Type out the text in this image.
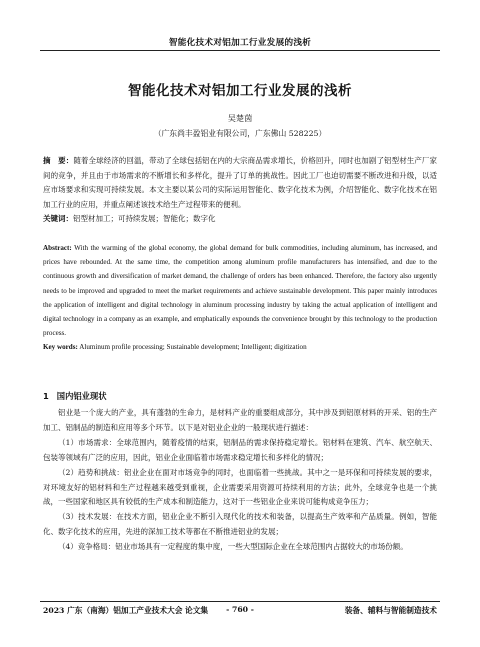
智能化技术对铝加工行业发展的浅析
智能化技术对铝加工行业发展的浅析
吴楚茵
（广东尚丰盈铝业有限公司，广东佛山 528225）
摘　要：随着全球经济的回温，带动了全球包括铝在内的大宗商品需求增长，价格回升，同时也加剧了铝型材生产厂家间的竞争，并且由于市场需求的不断增长和多样化，提升了订单的挑战性。因此工厂也迫切需要不断改进和升级，以适应市场要求和实现可持续发展。本文主要以某公司的实际运用智能化、数字化技术为例，介绍智能化、数字化技术在铝加工行业的应用，并重点阐述该技术给生产过程带来的便利。
关键词：铝型材加工；可持续发展；智能化；数字化
Abstract: With the warming of the global economy, the global demand for bulk commodities, including aluminum, has increased, and prices have rebounded. At the same time, the competition among aluminum profile manufacturers has intensified, and due to the continuous growth and diversification of market demand, the challenge of orders has been enhanced. Therefore, the factory also urgently needs to be improved and upgraded to meet the market requirements and achieve sustainable development. This paper mainly introduces the application of intelligent and digital technology in aluminum processing industry by taking the actual application of intelligent and digital technology in a company as an example, and emphatically expounds the convenience brought by this technology to the production process.
Key words: Aluminum profile processing; Sustainable development; Intelligent; digitization
1 国内铝业现状

铝业是一个庞大的产业，具有蓬勃的生命力，是材料产业的重要组成部分，其中涉及到铝原材料的开采、铝的生产加工、铝制品的制造和应用等多个环节。以下是对铝业企业的一般现状进行描述：

（1）市场需求：全球范围内，随着疫情的结束，铝制品的需求保持稳定增长。铝材料在建筑、汽车、航空航天、包装等领域有广泛的应用，因此，铝业企业面临着市场需求稳定增长和多样化的情况；

（2）趋势和挑战：铝业企业在面对市场竞争的同时，也面临着一些挑战。其中之一是环保和可持续发展的要求，对环境友好的铝材料和生产过程越来越受到重视，企业需要采用资源可持续利用的方法；此外，全球竞争也是一个挑战，一些国家和地区具有较低的生产成本和制造能力，这对于一些铝业企业来说可能构成竞争压力；

（3）技术发展：在技术方面，铝业企业不断引入现代化的技术和装备，以提高生产效率和产品质量。例如，智能化、数字化技术的应用，先进的深加工技术等都在不断推进铝业的发展；

（4）竞争格局：铝业市场具有一定程度的集中度，一些大型国际企业在全球范围内占据较大的市场份额。

2023 广东（南海）铝加工产业技术大会 论文集	- 760 -	装备、辅料与智能制造技术
